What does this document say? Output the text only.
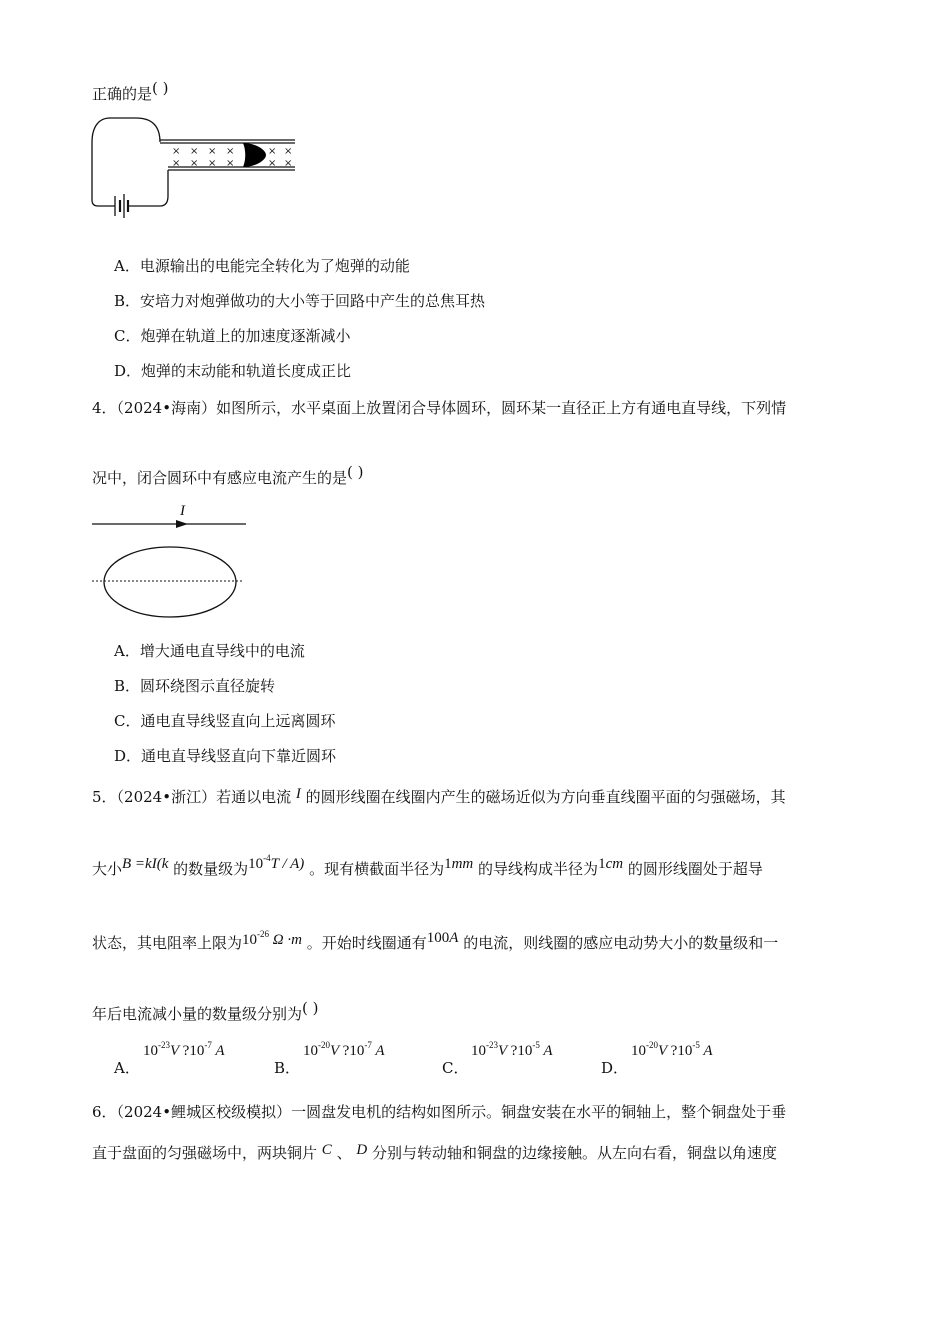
正确的是( )
× × × ×	× ×
× × × ×	× ×
A．电源输出的电能完全转化为了炮弹的动能
B．安培力对炮弹做功的大小等于回路中产生的总焦耳热
C．炮弹在轨道上的加速度逐渐减小
D．炮弹的末动能和轨道长度成正比
4．（2024•海南）如图所示，水平桌面上放置闭合导体圆环，圆环某一直径正上方有通电直导线，下列情
况中，闭合圆环中有感应电流产生的是( )
I
A．增大通电直导线中的电流
B．圆环绕图示直径旋转
C．通电直导线竖直向上远离圆环
D．通电直导线竖直向下靠近圆环
5．（2024•浙江）若通以电流 I 的圆形线圈在线圈内产生的磁场近似为方向垂直线圈平面的匀强磁场，其
大小B =kI(k 的数量级为$10^{-4}T / A$) 。现有横截面半径为1mm 的导线构成半径为1cm 的圆形线圈处于超导
状态，其电阻率上限为$10^{-26}$ Ω ·m 。开始时线圈通有100A 的电流，则线圈的感应电动势大小的数量级和一
年后电流减小量的数量级分别为( )
A．
$10^{-23}V$ $?10^{-7}$ A
B．
$10^{-20}V$ $?10^{-7}$ A
C．
$10^{-23}V$ $?10^{-5}$ A
D．
$10^{-20}V$ $?10^{-5}$ A
6．（2024•鲤城区校级模拟）一圆盘发电机的结构如图所示。铜盘安装在水平的铜轴上，整个铜盘处于垂
直于盘面的匀强磁场中，两块铜片 C 、 D 分别与转动轴和铜盘的边缘接触。从左向右看，铜盘以角速度
